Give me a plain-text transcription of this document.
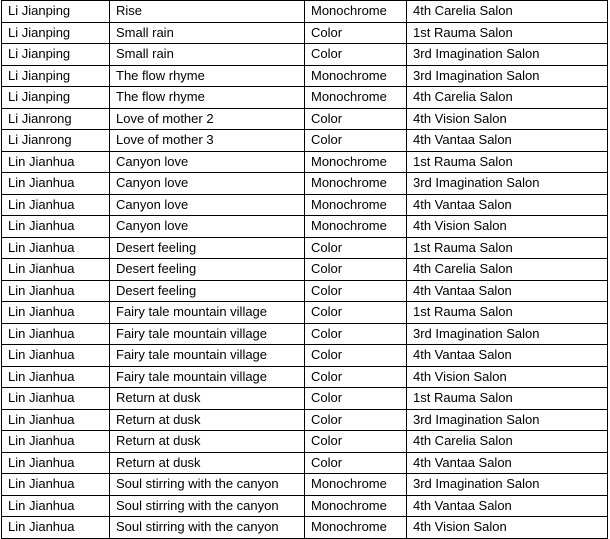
Li Jianping	Rise	Monochrome	4th Carelia Salon
Li Jianping	Small rain	Color	1st Rauma Salon
Li Jianping	Small rain	Color	3rd Imagination Salon
Li Jianping	The flow rhyme	Monochrome	3rd Imagination Salon
Li Jianping	The flow rhyme	Monochrome	4th Carelia Salon
Li Jianrong	Love of mother 2	Color	4th Vision Salon
Li Jianrong	Love of mother 3	Color	4th Vantaa Salon
Lin Jianhua	Canyon love	Monochrome	1st Rauma Salon
Lin Jianhua	Canyon love	Monochrome	3rd Imagination Salon
Lin Jianhua	Canyon love	Monochrome	4th Vantaa Salon
Lin Jianhua	Canyon love	Monochrome	4th Vision Salon
Lin Jianhua	Desert feeling	Color	1st Rauma Salon
Lin Jianhua	Desert feeling	Color	4th Carelia Salon
Lin Jianhua	Desert feeling	Color	4th Vantaa Salon
Lin Jianhua	Fairy tale mountain village	Color	1st Rauma Salon
Lin Jianhua	Fairy tale mountain village	Color	3rd Imagination Salon
Lin Jianhua	Fairy tale mountain village	Color	4th Vantaa Salon
Lin Jianhua	Fairy tale mountain village	Color	4th Vision Salon
Lin Jianhua	Return at dusk	Color	1st Rauma Salon
Lin Jianhua	Return at dusk	Color	3rd Imagination Salon
Lin Jianhua	Return at dusk	Color	4th Carelia Salon
Lin Jianhua	Return at dusk	Color	4th Vantaa Salon
Lin Jianhua	Soul stirring with the canyon	Monochrome	3rd Imagination Salon
Lin Jianhua	Soul stirring with the canyon	Monochrome	4th Vantaa Salon
Lin Jianhua	Soul stirring with the canyon	Monochrome	4th Vision Salon
